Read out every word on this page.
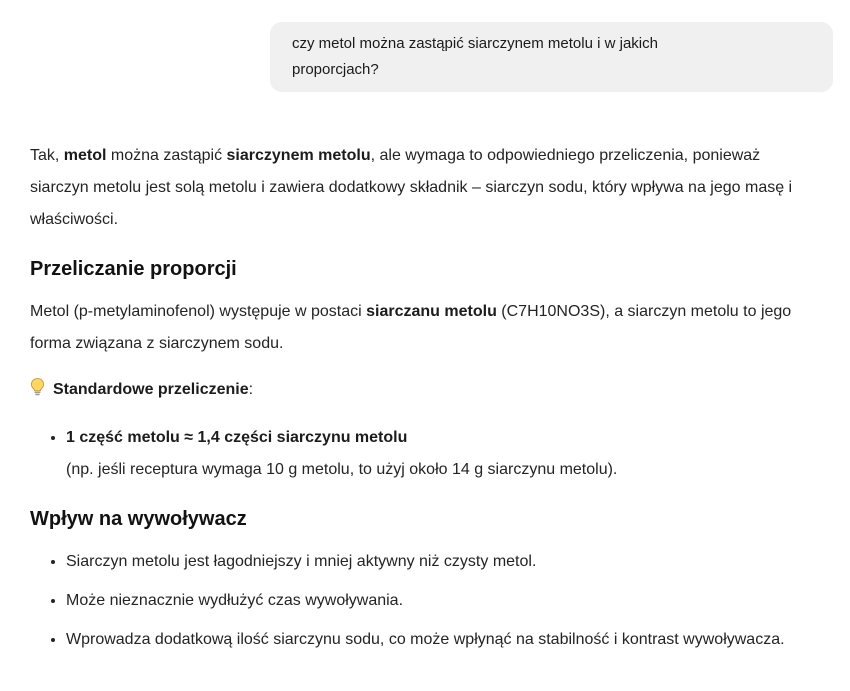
czy metol można zastąpić siarczynem metolu i w jakich
proporcjach?

Tak, metol można zastąpić siarczynem metolu, ale wymaga to odpowiedniego przeliczenia, ponieważ siarczyn metolu jest solą metolu i zawiera dodatkowy składnik – siarczyn sodu, który wpływa na jego masę i właściwości.

Przeliczanie proporcji

Metol (p-metylaminofenol) występuje w postaci siarczanu metolu (C7H10NO3S), a siarczyn metolu to jego forma związana z siarczynem sodu.

Standardowe przeliczenie:

• 1 część metolu ≈ 1,4 części siarczynu metolu
(np. jeśli receptura wymaga 10 g metolu, to użyj około 14 g siarczynu metolu).
Wpływ na wywoływacz
• Siarczyn metolu jest łagodniejszy i mniej aktywny niż czysty metol.
• Może nieznacznie wydłużyć czas wywoływania.
• Wprowadza dodatkową ilość siarczynu sodu, co może wpłynąć na stabilność i kontrast wywoływacza.
